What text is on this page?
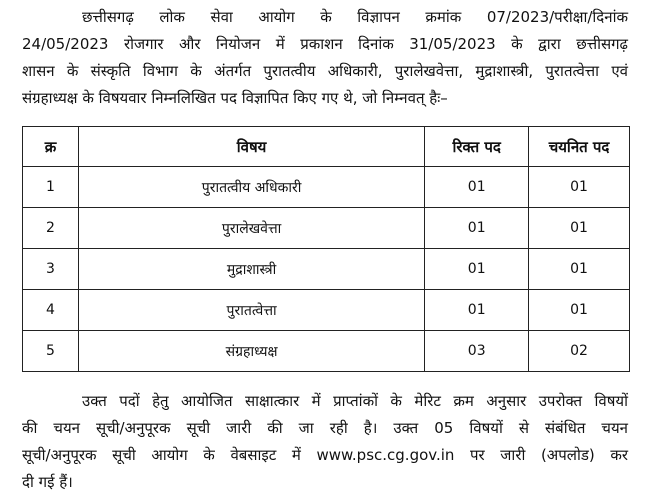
छत्तीसगढ़ लोक सेवा आयोग के विज्ञापन क्रमांक 07/2023/परीक्षा/दिनांक
24/05/2023 रोजगार और नियोजन में प्रकाशन दिनांक 31/05/2023 के द्वारा छत्तीसगढ़
शासन के संस्कृति विभाग के अंतर्गत पुरातत्वीय अधिकारी, पुरालेखवेत्ता, मुद्राशास्त्री, पुरातत्वेत्ता एवं
संग्रहाध्यक्ष के विषयवार निम्नलिखित पद विज्ञापित किए गए थे, जो निम्नवत् हैः–
क्र	विषय	रिक्त पद	चयनित पद
1	पुरातत्वीय अधिकारी	01	01
2	पुरालेखवेत्ता	01	01
3	मुद्राशास्त्री	01	01
4	पुरातत्वेत्ता	01	01
5	संग्रहाध्यक्ष	03	02
उक्त पदों हेतु आयोजित साक्षात्कार में प्राप्तांकों के मेरिट क्रम अनुसार उपरोक्त विषयों
की चयन सूची/अनुपूरक सूची जारी की जा रही है। उक्त 05 विषयों से संबंधित चयन
सूची/अनुपूरक सूची आयोग के वेबसाइट में www.psc.cg.gov.in पर जारी (अपलोड) कर
दी गई हैं।
